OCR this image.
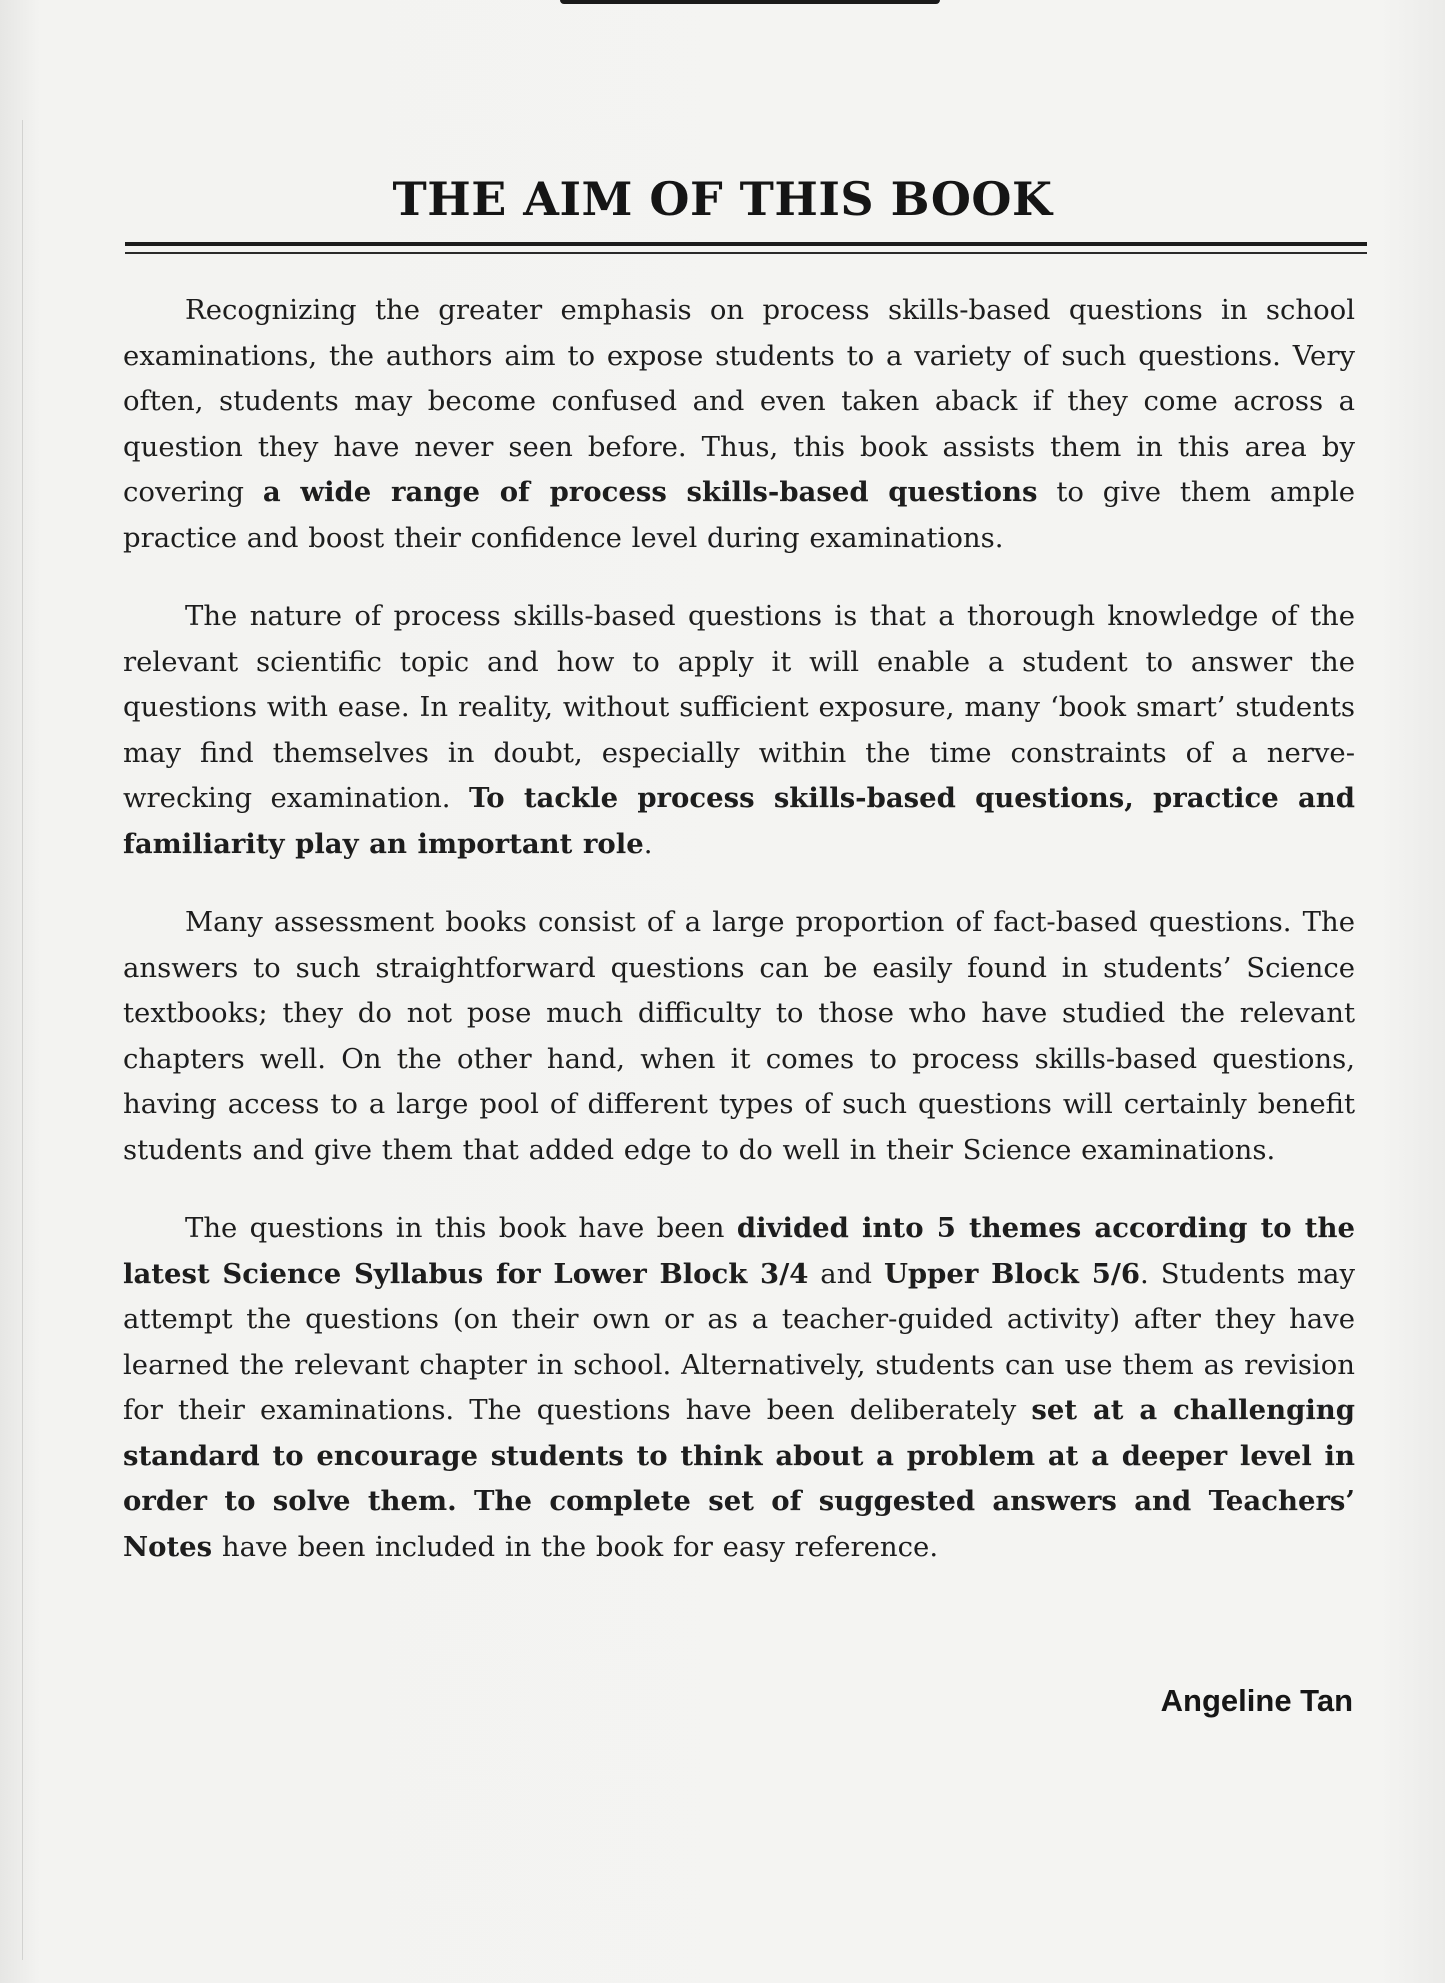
THE AIM OF THIS BOOK

Recognizing the greater emphasis on process skills-based questions in school examinations, the authors aim to expose students to a variety of such questions. Very often, students may become confused and even taken aback if they come across a question they have never seen before. Thus, this book assists them in this area by covering a wide range of process skills-based questions to give them ample practice and boost their confidence level during examinations.

The nature of process skills-based questions is that a thorough knowledge of the relevant scientific topic and how to apply it will enable a student to answer the questions with ease. In reality, without sufficient exposure, many ‘book smart’ students may find themselves in doubt, especially within the time constraints of a nerve-wrecking examination. To tackle process skills-based questions, practice and familiarity play an important role.

Many assessment books consist of a large proportion of fact-based questions. The answers to such straightforward questions can be easily found in students’ Science textbooks; they do not pose much difficulty to those who have studied the relevant chapters well. On the other hand, when it comes to process skills-based questions, having access to a large pool of different types of such questions will certainly benefit students and give them that added edge to do well in their Science examinations.

The questions in this book have been divided into 5 themes according to the latest Science Syllabus for Lower Block 3/4 and Upper Block 5/6. Students may attempt the questions (on their own or as a teacher-guided activity) after they have learned the relevant chapter in school. Alternatively, students can use them as revision for their examinations. The questions have been deliberately set at a challenging standard to encourage students to think about a problem at a deeper level in order to solve them. The complete set of suggested answers and Teachers’ Notes have been included in the book for easy reference.

Angeline Tan
